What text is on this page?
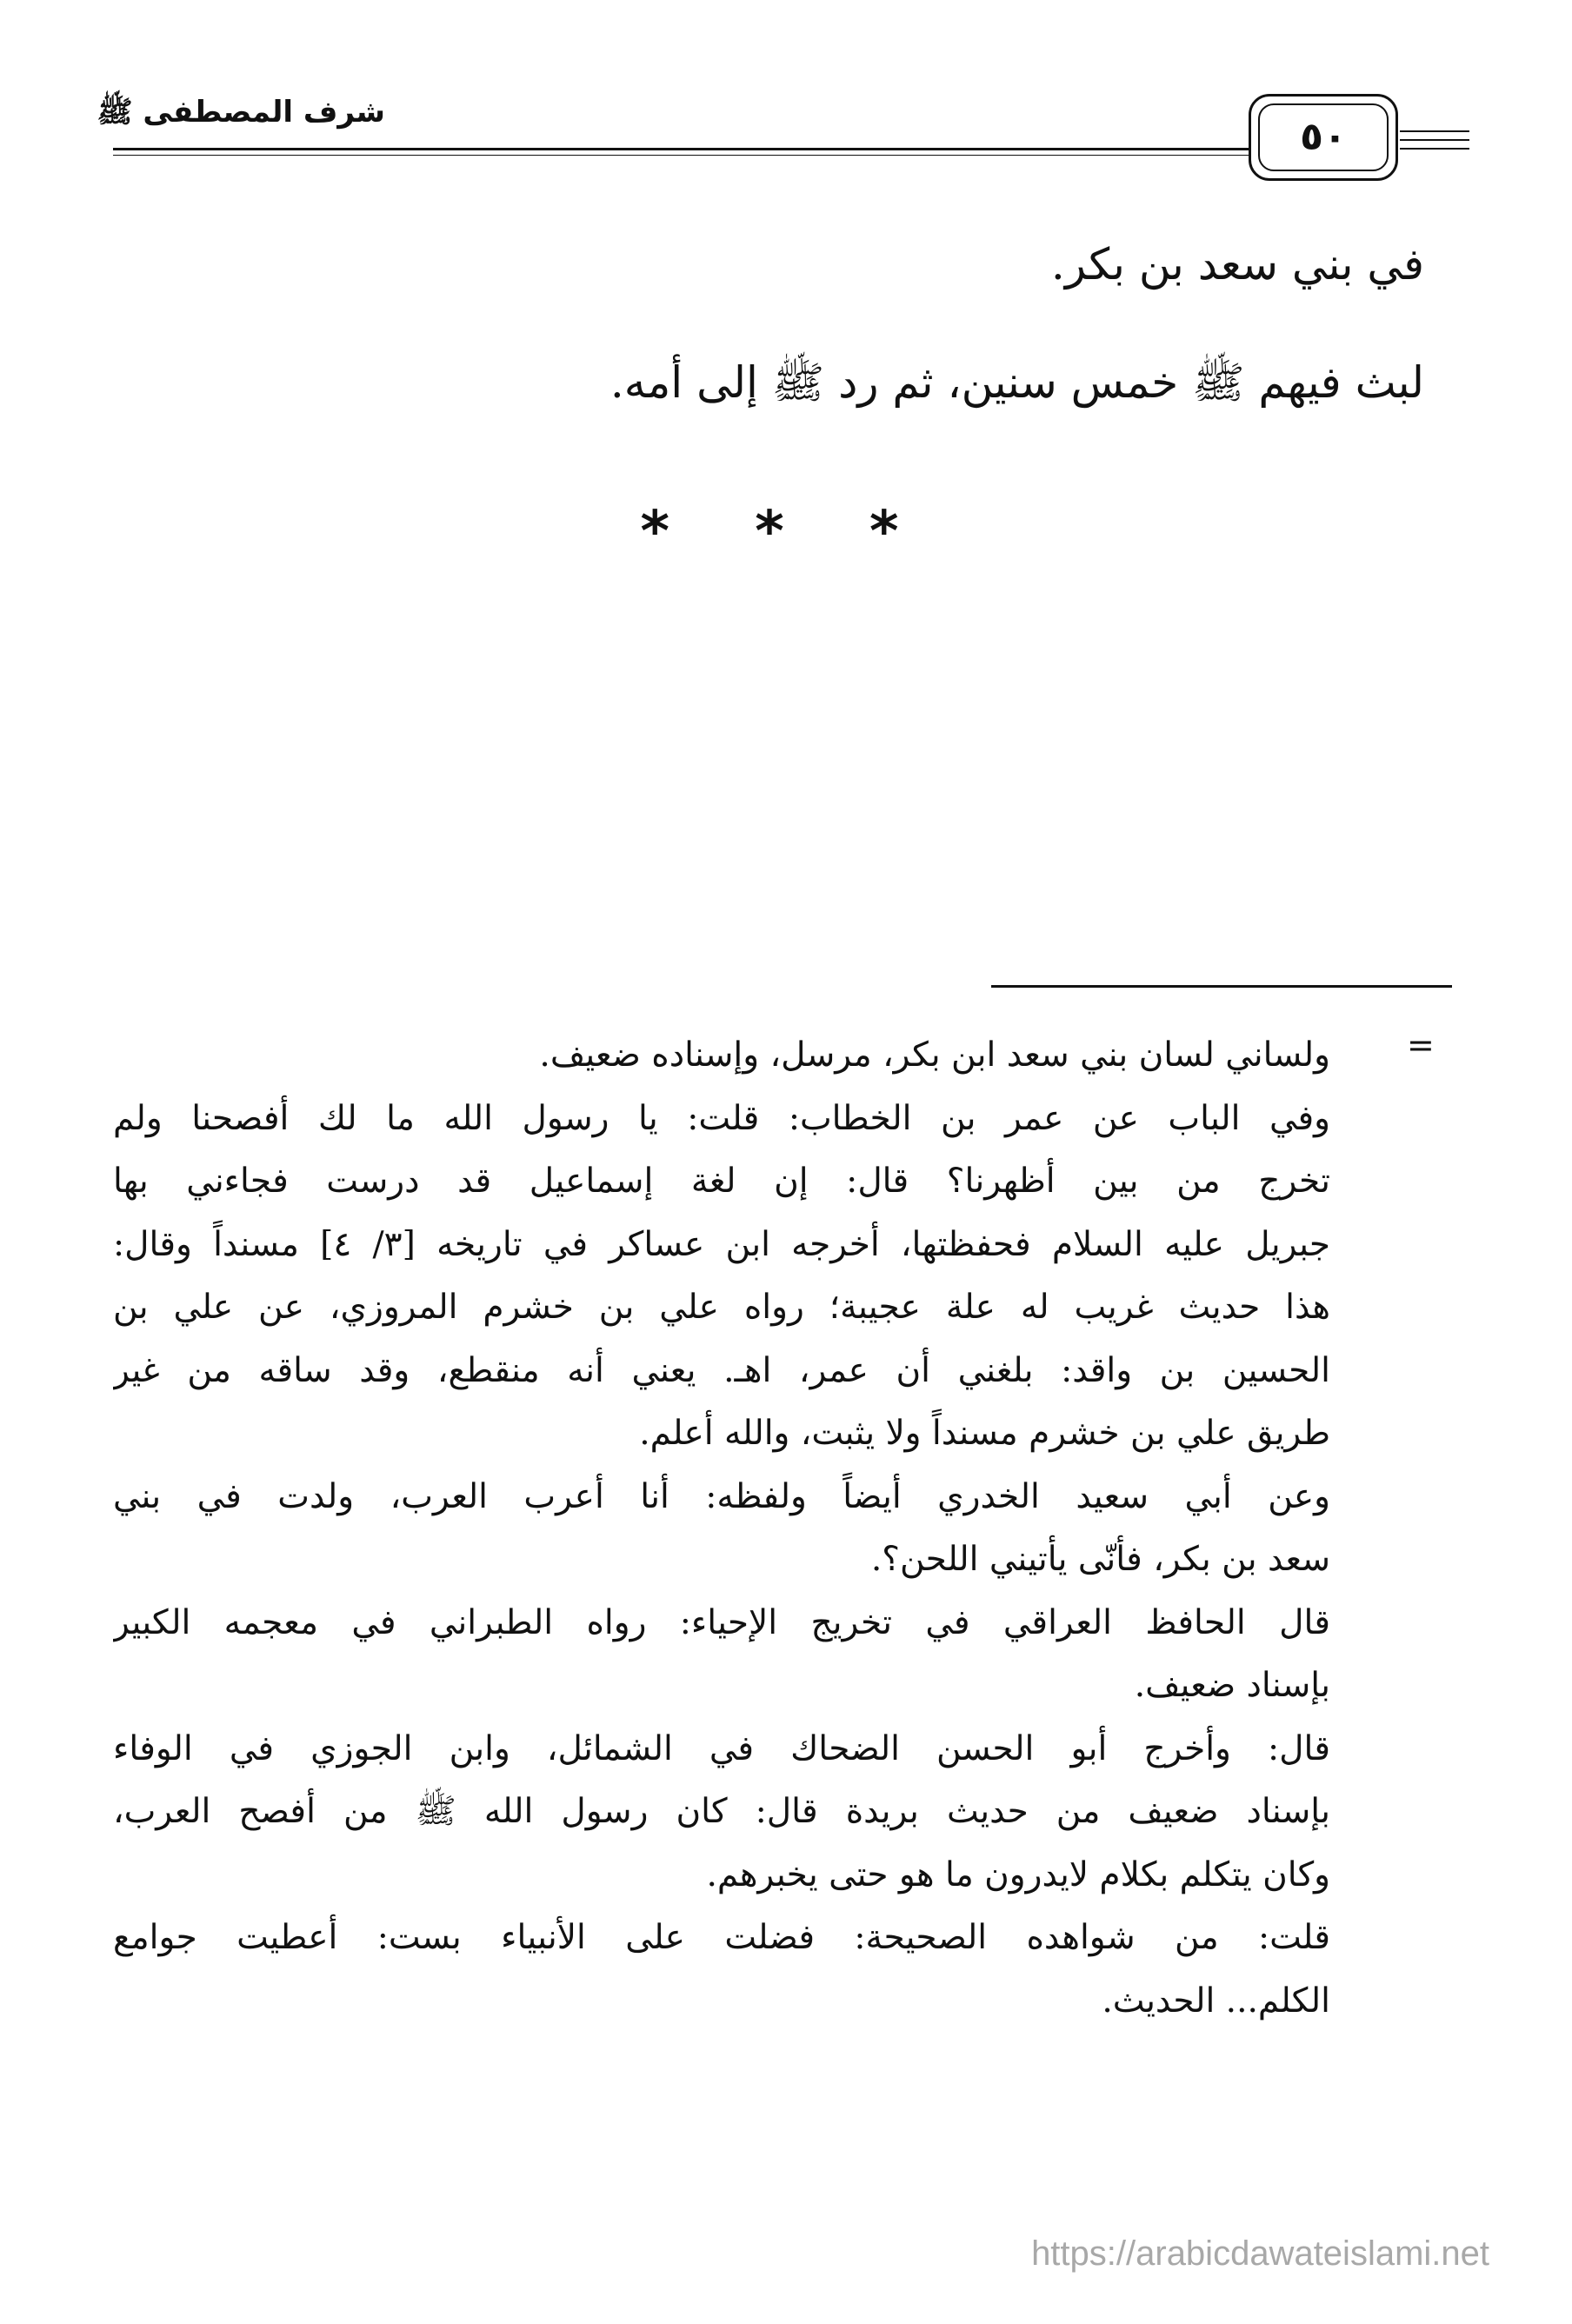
شرف المصطفى ﷺ
٥٠
في بني سعد بن بكر.
لبث فيهم ﷺ خمس سنين، ثم رد ﷺ إلى أمه.
* * *
=
ولساني لسان بني سعد ابن بكر، مرسل، وإسناده ضعيف.
وفي الباب عن عمر بن الخطاب: قلت: يا رسول الله ما لك أفصحنا ولم
تخرج من بين أظهرنا؟ قال: إن لغة إسماعيل قد درست فجاءني بها
جبريل عليه السلام فحفظتها، أخرجه ابن عساكر في تاريخه [٣/ ٤] مسنداً وقال:
هذا حديث غريب له علة عجيبة؛ رواه علي بن خشرم المروزي، عن علي بن
الحسين بن واقد: بلغني أن عمر، اهـ. يعني أنه منقطع، وقد ساقه من غير
طريق علي بن خشرم مسنداً ولا يثبت، والله أعلم.
وعن أبي سعيد الخدري أيضاً ولفظه: أنا أعرب العرب، ولدت في بني
سعد بن بكر، فأنّى يأتيني اللحن؟.
قال الحافظ العراقي في تخريج الإحياء: رواه الطبراني في معجمه الكبير
بإسناد ضعيف.
قال: وأخرج أبو الحسن الضحاك في الشمائل، وابن الجوزي في الوفاء
بإسناد ضعيف من حديث بريدة قال: كان رسول الله ﷺ من أفصح العرب،
وكان يتكلم بكلام لايدرون ما هو حتى يخبرهم.
قلت: من شواهده الصحيحة: فضلت على الأنبياء بست: أعطيت جوامع
الكلم... الحديث.
https://arabicdawateislami.net
